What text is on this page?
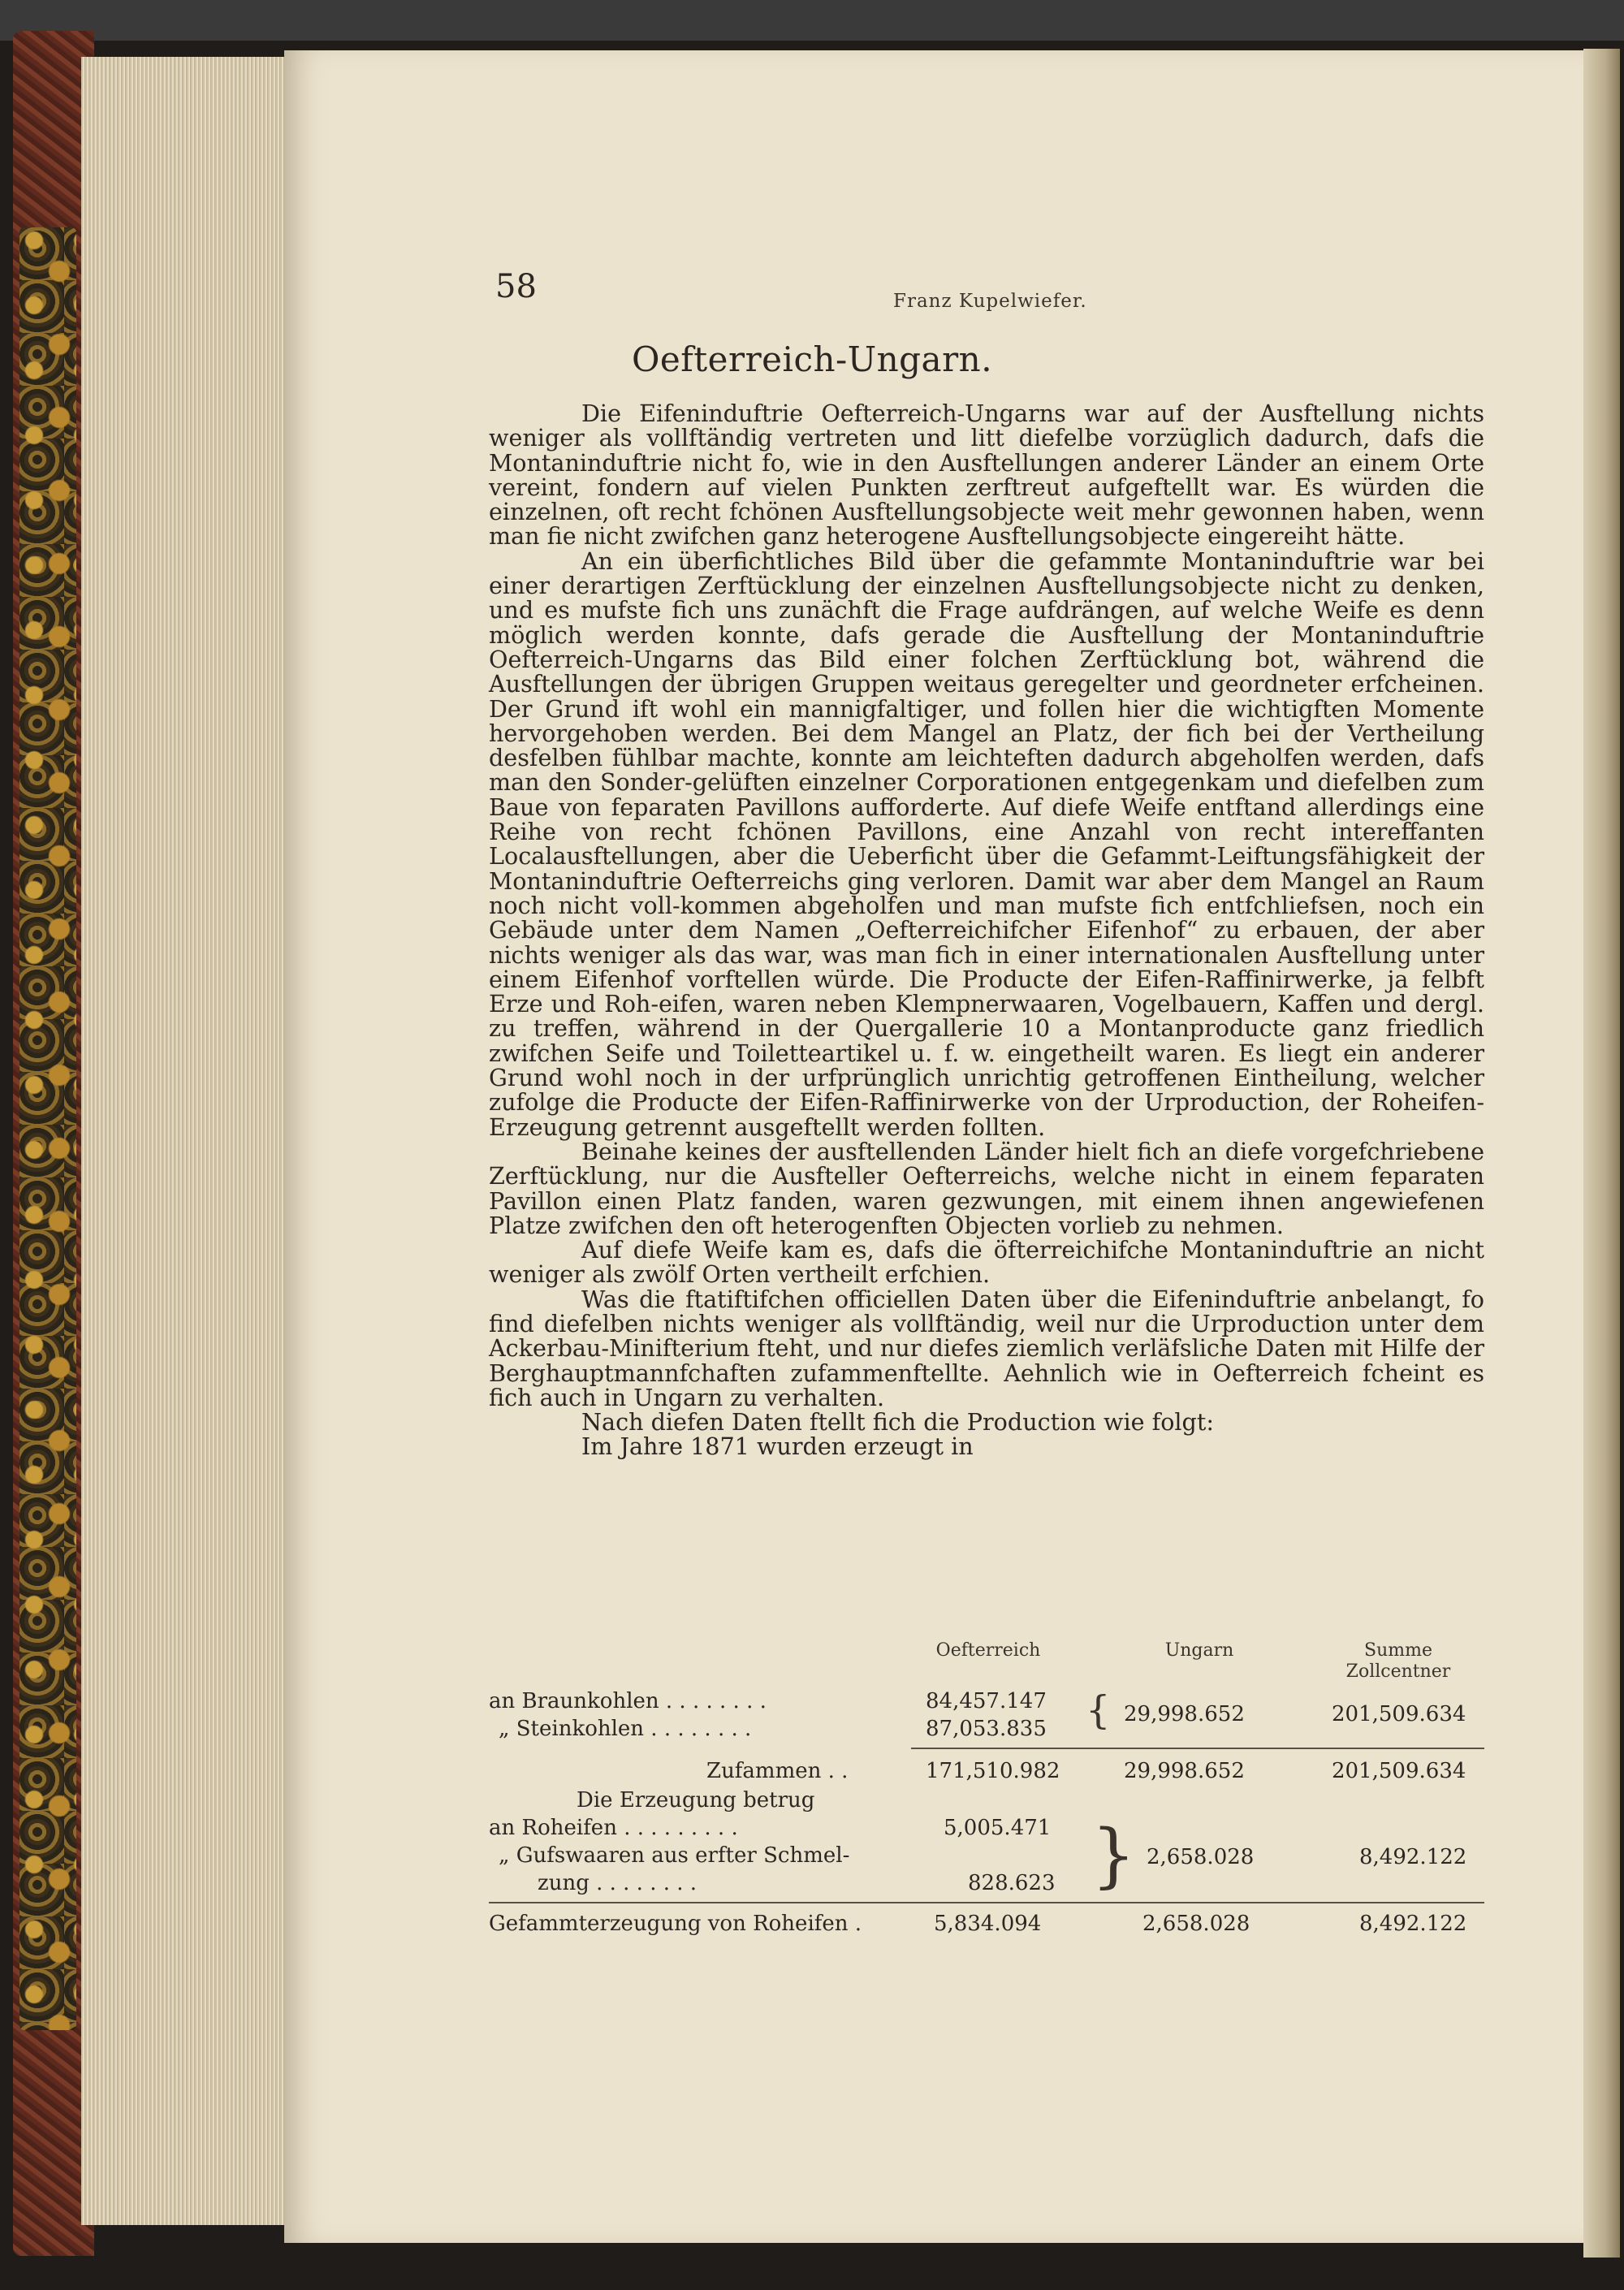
58	Franz Kupelwiefer.
Oefterreich-Ungarn.

Die Eifeninduftrie Oefterreich-Ungarns war auf der Ausftellung nichts weniger als vollftändig vertreten und litt diefelbe vorzüglich dadurch, dafs die Montaninduftrie nicht fo, wie in den Ausftellungen anderer Länder an einem Orte vereint, fondern auf vielen Punkten zerftreut aufgeftellt war. Es würden die einzelnen, oft recht fchönen Ausftellungsobjecte weit mehr gewonnen haben, wenn man fie nicht zwifchen ganz heterogene Ausftellungsobjecte eingereiht hätte.

An ein überfichtliches Bild über die gefammte Montaninduftrie war bei einer derartigen Zerftücklung der einzelnen Ausftellungsobjecte nicht zu denken, und es mufste fich uns zunächft die Frage aufdrängen, auf welche Weife es denn möglich werden konnte, dafs gerade die Ausftellung der Montaninduftrie Oefterreich-Ungarns das Bild einer folchen Zerftücklung bot, während die Ausftellungen der übrigen Gruppen weitaus geregelter und geordneter erfcheinen. Der Grund ift wohl ein mannigfaltiger, und follen hier die wichtigften Momente hervorgehoben werden. Bei dem Mangel an Platz, der fich bei der Vertheilung desfelben fühlbar machte, konnte am leichteften dadurch abgeholfen werden, dafs man den Sonder-gelüften einzelner Corporationen entgegenkam und diefelben zum Baue von feparaten Pavillons aufforderte. Auf diefe Weife entftand allerdings eine Reihe von recht fchönen Pavillons, eine Anzahl von recht intereffanten Localausftellungen, aber die Ueberficht über die Gefammt-Leiftungsfähigkeit der Montaninduftrie Oefterreichs ging verloren. Damit war aber dem Mangel an Raum noch nicht voll-kommen abgeholfen und man mufste fich entfchliefsen, noch ein Gebäude unter dem Namen „Oefterreichifcher Eifenhof“ zu erbauen, der aber nichts weniger als das war, was man fich in einer internationalen Ausftellung unter einem Eifenhof vorftellen würde. Die Producte der Eifen-Raffinirwerke, ja felbft Erze und Roh-eifen, waren neben Klempnerwaaren, Vogelbauern, Kaffen und dergl. zu treffen, während in der Quergallerie 10 a Montanproducte ganz friedlich zwifchen Seife und Toiletteartikel u. f. w. eingetheilt waren. Es liegt ein anderer Grund wohl noch in der urfprünglich unrichtig getroffenen Eintheilung, welcher zufolge die Producte der Eifen-Raffinirwerke von der Urproduction, der Roheifen-Erzeugung getrennt ausgeftellt werden follten.

Beinahe keines der ausftellenden Länder hielt fich an diefe vorgefchriebene Zerftücklung, nur die Ausfteller Oefterreichs, welche nicht in einem feparaten Pavillon einen Platz fanden, waren gezwungen, mit einem ihnen angewiefenen Platze zwifchen den oft heterogenften Objecten vorlieb zu nehmen.

Auf diefe Weife kam es, dafs die öfterreichifche Montaninduftrie an nicht weniger als zwölf Orten vertheilt erfchien.

Was die ftatiftifchen officiellen Daten über die Eifeninduftrie anbelangt, fo find diefelben nichts weniger als vollftändig, weil nur die Urproduction unter dem Ackerbau-Minifterium fteht, und nur diefes ziemlich verläfsliche Daten mit Hilfe der Berghauptmannfchaften zufammenftellte. Aehnlich wie in Oefterreich fcheint es fich auch in Ungarn zu verhalten.

Nach diefen Daten ftellt fich die Production wie folgt:

Im Jahre 1871 wurden erzeugt in

Oefterreich	Ungarn	Summe
Zollcentner
an Braunkohlen . . . . . . . .	84,457.147
„ Steinkohlen . . . . . . . .	87,053.835 { 29,998.652	201,509.634
Zufammen . .	171,510.982	29,998.652	201,509.634
Die Erzeugung betrug
an Roheifen . . . . . . . . .	5,005.471
„ Gufswaaren aus erfter Schmel-
zung . . . . . . . .	828.623 } 2,658.028	8,492.122
Gefammterzeugung von Roheifen .	5,834.094	2,658.028	8,492.122
